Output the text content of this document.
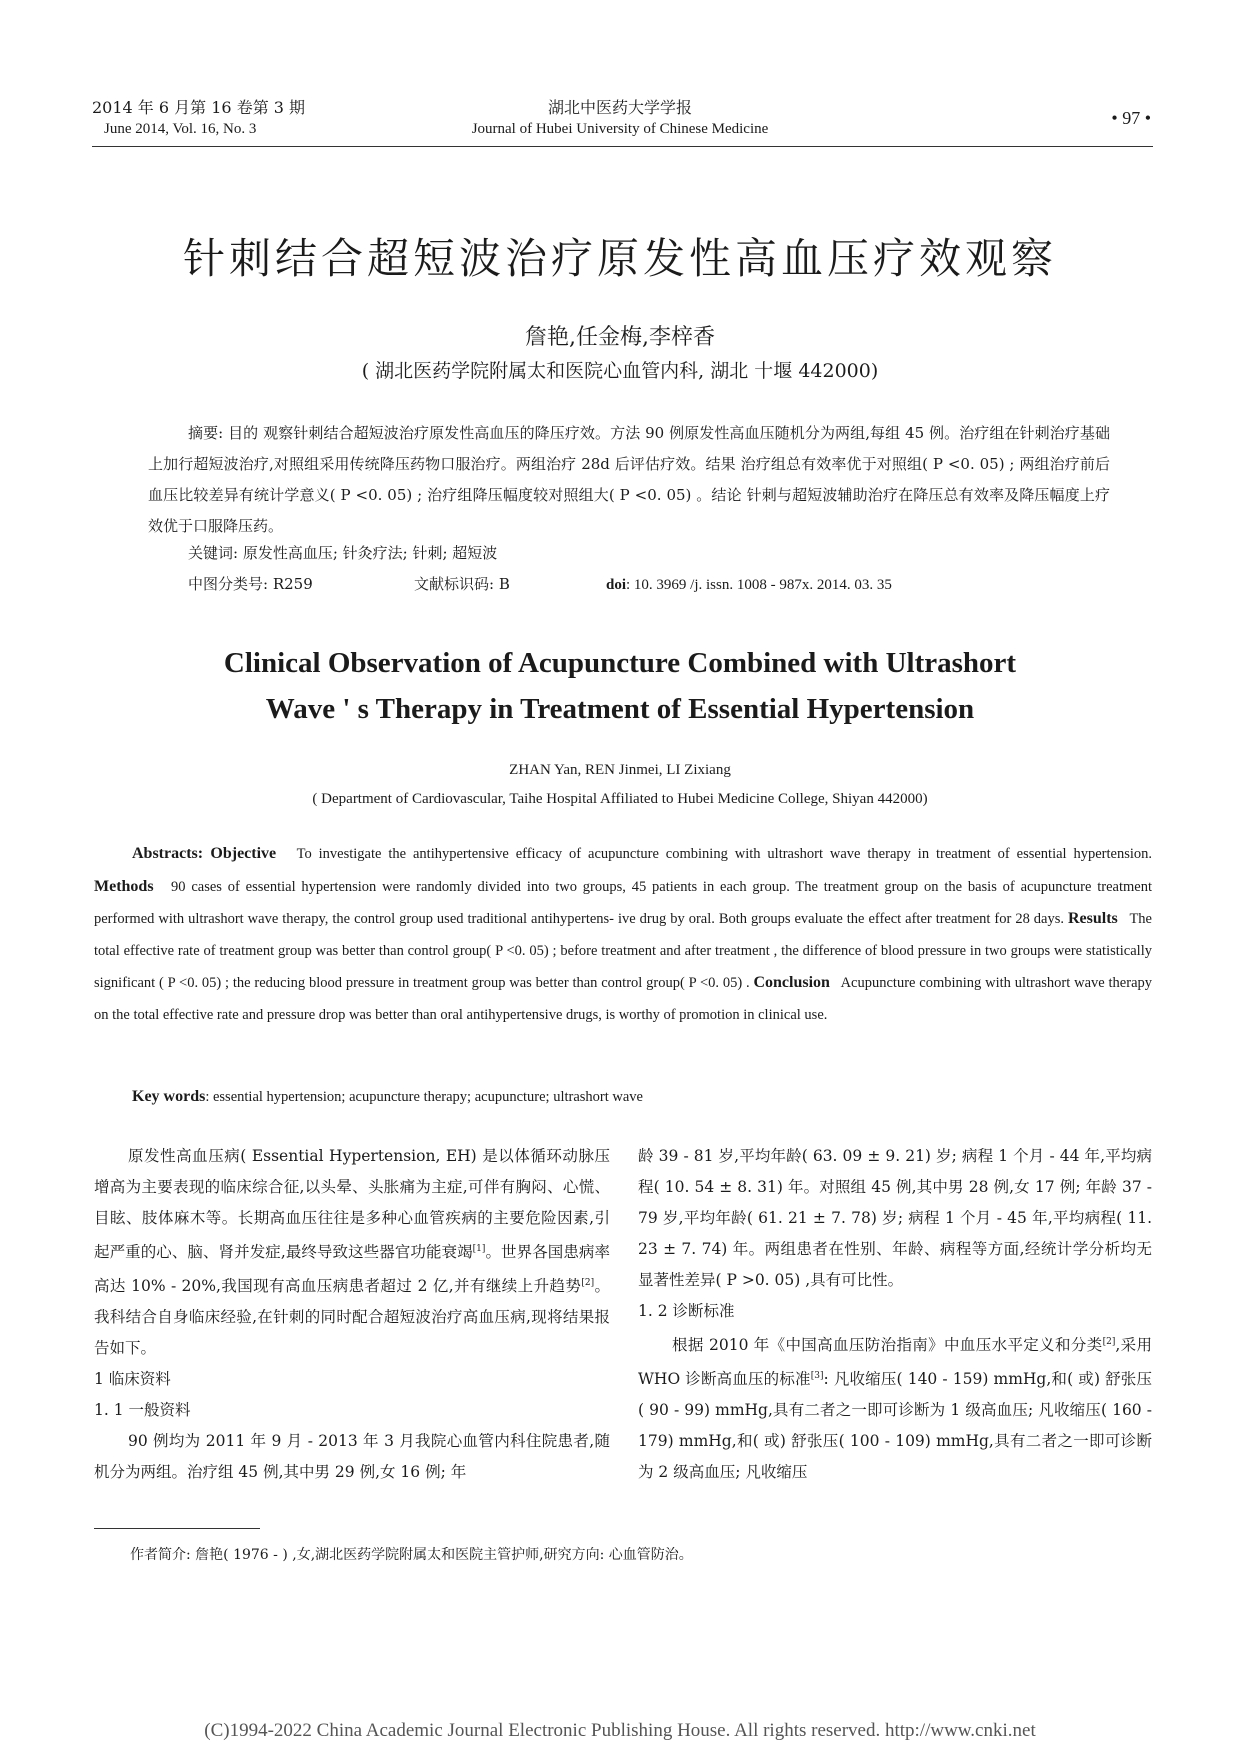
2014 年 6 月第 16 卷第 3 期
June 2014, Vol. 16, No. 3
湖北中医药大学学报
Journal of Hubei University of Chinese Medicine
• 97 •
针刺结合超短波治疗原发性高血压疗效观察
詹艳,任金梅,李梓香
( 湖北医药学院附属太和医院心血管内科, 湖北 十堰 442000)
摘要: 目的 观察针刺结合超短波治疗原发性高血压的降压疗效。方法 90 例原发性高血压随机分为两组,每组 45 例。治疗组在针刺治疗基础上加行超短波治疗,对照组采用传统降压药物口服治疗。两组治疗 28d 后评估疗效。结果 治疗组总有效率优于对照组( P <0. 05) ; 两组治疗前后血压比较差异有统计学意义( P <0. 05) ; 治疗组降压幅度较对照组大( P <0. 05) 。结论 针刺与超短波辅助治疗在降压总有效率及降压幅度上疗效优于口服降压药。
关键词: 原发性高血压; 针灸疗法; 针刺; 超短波
中图分类号: R259	文献标识码: B	doi: 10. 3969 /j. issn. 1008 - 987x. 2014. 03. 35
Clinical Observation of Acupuncture Combined with Ultrashort
Wave ' s Therapy in Treatment of Essential Hypertension
ZHAN Yan, REN Jinmei, LI Zixiang
( Department of Cardiovascular, Taihe Hospital Affiliated to Hubei Medicine College, Shiyan 442000)
Abstracts: Objective To investigate the antihypertensive efficacy of acupuncture combining with ultrashort wave therapy in treatment of essential hypertension. Methods 90 cases of essential hypertension were randomly divided into two groups, 45 patients in each group. The treatment group on the basis of acupuncture treatment performed with ultrashort wave therapy, the control group used traditional antihypertens- ive drug by oral. Both groups evaluate the effect after treatment for 28 days. Results The total effective rate of treatment group was better than control group( P <0. 05) ; before treatment and after treatment , the difference of blood pressure in two groups were statistically significant ( P <0. 05) ; the reducing blood pressure in treatment group was better than control group( P <0. 05) . Conclusion Acupuncture combining with ultrashort wave therapy on the total effective rate and pressure drop was better than oral antihypertensive drugs, is worthy of promotion in clinical use.
Key words: essential hypertension; acupuncture therapy; acupuncture; ultrashort wave

原发性高血压病( Essential Hypertension, EH) 是以体循环动脉压增高为主要表现的临床综合征,以头晕、头胀痛为主症,可伴有胸闷、心慌、目眩、肢体麻木等。长期高血压往往是多种心血管疾病的主要危险因素,引起严重的心、脑、肾并发症,最终导致这些器官功能衰竭[1]。世界各国患病率高达 10% - 20%,我国现有高血压病患者超过 2 亿,并有继续上升趋势[2]。我科结合自身临床经验,在针刺的同时配合超短波治疗高血压病,现将结果报告如下。

1 临床资料

1. 1 一般资料

90 例均为 2011 年 9 月 - 2013 年 3 月我院心血管内科住院患者,随机分为两组。治疗组 45 例,其中男 29 例,女 16 例; 年

龄 39 - 81 岁,平均年龄( 63. 09 ± 9. 21) 岁; 病程 1 个月 - 44 年,平均病程( 10. 54 ± 8. 31) 年。对照组 45 例,其中男 28 例,女 17 例; 年龄 37 - 79 岁,平均年龄( 61. 21 ± 7. 78) 岁; 病程 1 个月 - 45 年,平均病程( 11. 23 ± 7. 74) 年。两组患者在性别、年龄、病程等方面,经统计学分析均无显著性差异( P >0. 05) ,具有可比性。

1. 2 诊断标准

根据 2010 年《中国高血压防治指南》中血压水平定义和分类[2],采用 WHO 诊断高血压的标准[3]: 凡收缩压( 140 - 159) mmHg,和( 或) 舒张压( 90 - 99) mmHg,具有二者之一即可诊断为 1 级高血压; 凡收缩压( 160 - 179) mmHg,和( 或) 舒张压( 100 - 109) mmHg,具有二者之一即可诊断为 2 级高血压; 凡收缩压

作者简介: 詹艳( 1976 - ) ,女,湖北医药学院附属太和医院主管护师,研究方向: 心血管防治。
(C)1994-2022 China Academic Journal Electronic Publishing House. All rights reserved. http://www.cnki.net
